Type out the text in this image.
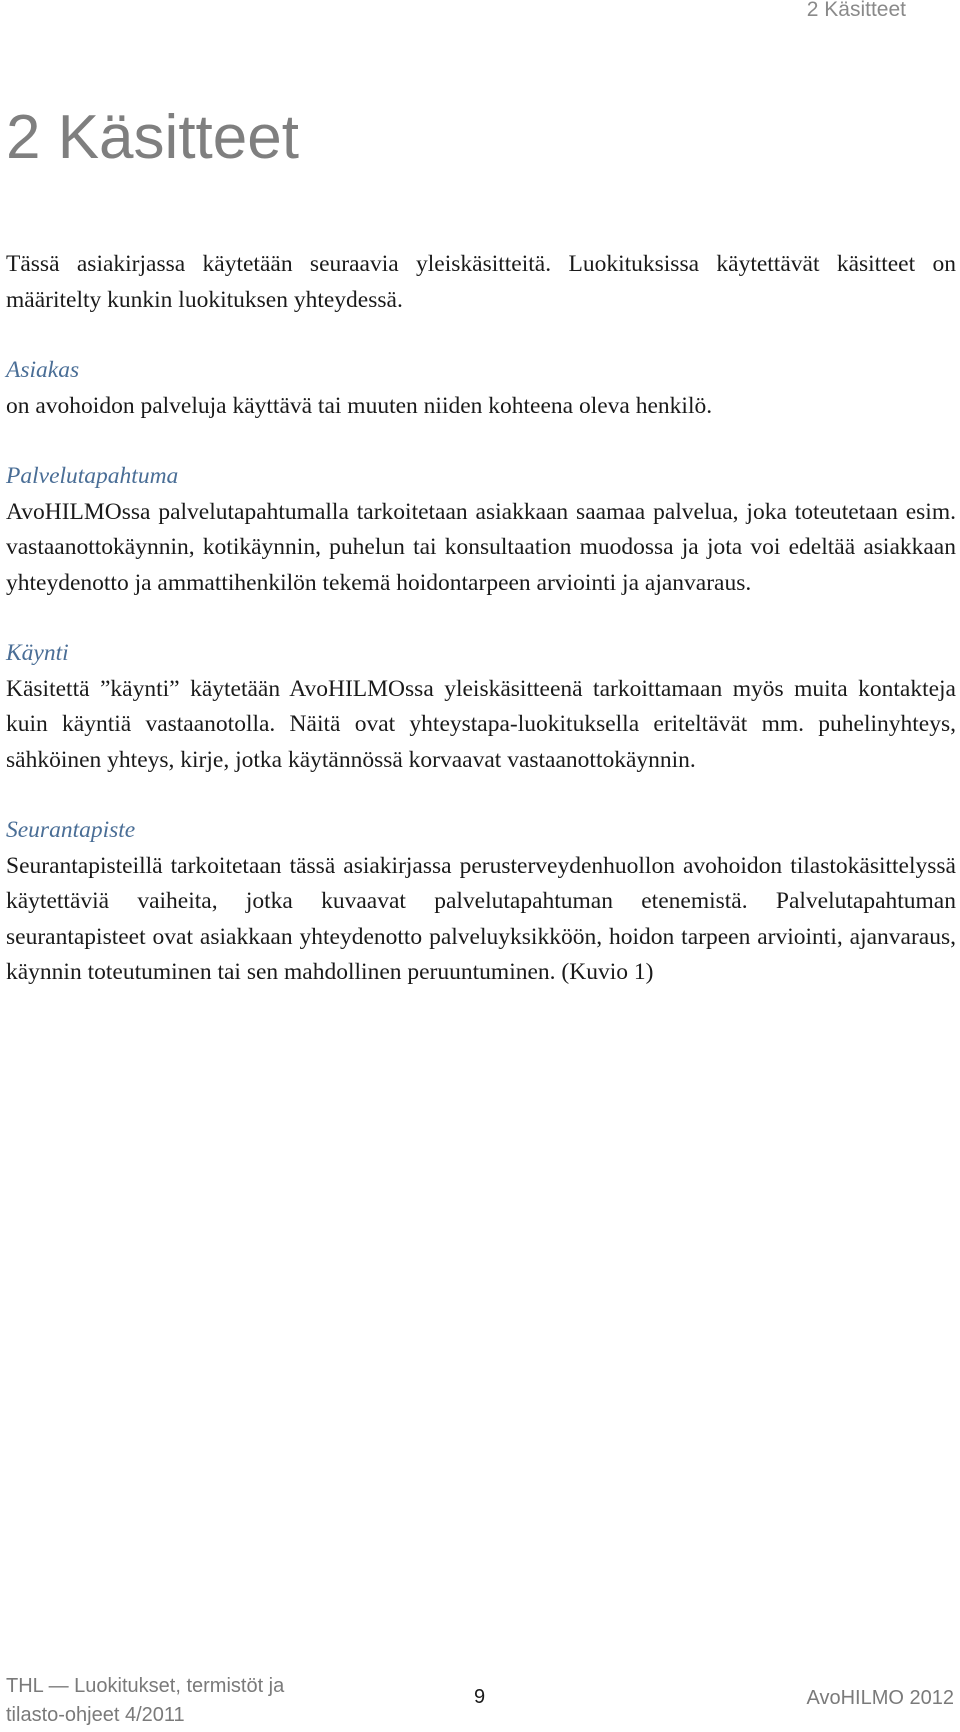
2 Käsitteet
2 Käsitteet

Tässä asiakirjassa käytetään seuraavia yleiskäsitteitä. Luokituksissa käytettävät käsitteet on määritelty kunkin luokituksen yhteydessä.

Asiakas

on avohoidon palveluja käyttävä tai muuten niiden kohteena oleva henkilö.

Palvelutapahtuma

AvoHILMOssa palvelutapahtumalla tarkoitetaan asiakkaan saamaa palvelua, joka toteutetaan esim. vastaanottokäynnin, kotikäynnin, puhelun tai konsultaation muodossa ja jota voi edeltää asiakkaan yhteydenotto ja ammattihenkilön tekemä hoidontarpeen arviointi ja ajanvaraus.

Käynti

Käsitettä ”käynti” käytetään AvoHILMOssa yleiskäsitteenä tarkoittamaan myös muita kontakteja kuin käyntiä vastaanotolla. Näitä ovat yhteystapa-luokituksella eriteltävät mm. puhelinyhteys, sähköinen yhteys, kirje, jotka käytännössä korvaavat vastaanottokäynnin.

Seurantapiste

Seurantapisteillä tarkoitetaan tässä asiakirjassa perusterveydenhuollon avohoidon tilastokäsittelyssä käytettäviä vaiheita, jotka kuvaavat palvelutapahtuman etenemistä. Palvelutapahtuman seurantapisteet ovat asiakkaan yhteydenotto palveluyksikköön, hoidon tarpeen arviointi, ajanvaraus, käynnin toteutuminen tai sen mahdollinen peruuntuminen. (Kuvio 1)

THL — Luokitukset, termistöt ja
tilasto-ohjeet 4/2011
9	AvoHILMO 2012
